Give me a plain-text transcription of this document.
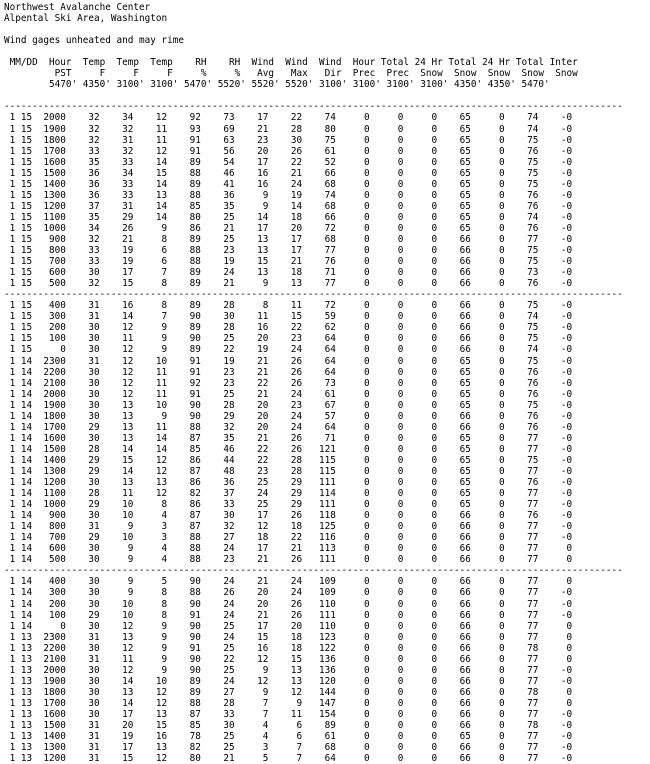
Northwest Avalanche Center
Alpental Ski Area, Washington

Wind gages unheated and may rime

MM/DD  Hour  Temp  Temp  Temp    RH    RH  Wind  Wind  Wind  Hour Total 24 Hr Total 24 Hr Total Inter
PST     F     F     F     %     %   Avg   Max   Dir  Prec  Prec  Snow  Snow  Snow  Snow  Snow
5470' 4350' 3100' 3100' 5470' 5520' 5520' 5520' 3100' 3100' 3100' 3100' 4350' 4350' 5470'

--------------------------------------------------------------------------------------------------------------
1 15  2000    32    34    12    92    73    17    22    74     0     0     0    65     0    74    -0
1 15  1900    32    32    11    93    69    21    28    80     0     0     0    65     0    74    -0
1 15  1800    32    31    11    91    63    23    30    75     0     0     0    65     0    75    -0
1 15  1700    33    32    12    91    56    20    26    61     0     0     0    65     0    76    -0
1 15  1600    35    33    14    89    54    17    22    52     0     0     0    65     0    75    -0
1 15  1500    36    34    15    88    46    16    21    66     0     0     0    65     0    75    -0
1 15  1400    36    33    14    89    41    16    24    68     0     0     0    65     0    75    -0
1 15  1300    36    33    13    88    36     9    19    74     0     0     0    65     0    76    -0
1 15  1200    37    31    14    85    35     9    14    68     0     0     0    65     0    76    -0
1 15  1100    35    29    14    80    25    14    18    66     0     0     0    65     0    74    -0
1 15  1000    34    26     9    86    21    17    20    72     0     0     0    65     0    76    -0
1 15   900    32    21     8    89    25    13    17    68     0     0     0    66     0    77    -0
1 15   800    33    19     6    88    23    13    17    77     0     0     0    66     0    75    -0
1 15   700    33    19     6    88    19    15    21    76     0     0     0    66     0    75    -0
1 15   600    30    17     7    89    24    13    18    71     0     0     0    66     0    73    -0
1 15   500    32    15     8    89    21     9    13    77     0     0     0    66     0    76    -0
--------------------------------------------------------------------------------------------------------------
1 15   400    31    16     8    89    28     8    11    72     0     0     0    66     0    75    -0
1 15   300    31    14     7    90    30    11    15    59     0     0     0    66     0    74    -0
1 15   200    30    12     9    89    28    16    22    62     0     0     0    66     0    75    -0
1 15   100    30    11     9    90    25    20    23    64     0     0     0    66     0    75    -0
1 15     0    30    12     9    89    22    19    24    64     0     0     0    66     0    74    -0
1 14  2300    31    12    10    91    19    21    26    64     0     0     0    65     0    75    -0
1 14  2200    30    12    11    91    23    21    26    64     0     0     0    65     0    76    -0
1 14  2100    30    12    11    92    23    22    26    73     0     0     0    65     0    76    -0
1 14  2000    30    12    11    91    25    21    24    61     0     0     0    65     0    76    -0
1 14  1900    30    13    10    90    28    20    23    67     0     0     0    65     0    75    -0
1 14  1800    30    13     9    90    29    20    24    57     0     0     0    66     0    76    -0
1 14  1700    29    13    11    88    32    20    24    64     0     0     0    66     0    76    -0
1 14  1600    30    13    14    87    35    21    26    71     0     0     0    65     0    77    -0
1 14  1500    28    14    14    85    46    22    26   121     0     0     0    65     0    77    -0
1 14  1400    29    15    12    86    44    22    28   115     0     0     0    65     0    75    -0
1 14  1300    29    14    12    87    48    23    28   115     0     0     0    65     0    77    -0
1 14  1200    30    13    13    86    36    25    29   111     0     0     0    65     0    76    -0
1 14  1100    28    11    12    82    37    24    29   114     0     0     0    65     0    77    -0
1 14  1000    29    10     8    86    33    25    29   111     0     0     0    65     0    77    -0
1 14   900    30    10     4    87    30    17    26   118     0     0     0    66     0    76    -0
1 14   800    31     9     3    87    32    12    18   125     0     0     0    66     0    77    -0
1 14   700    29    10     3    88    27    18    22   116     0     0     0    66     0    77    -0
1 14   600    30     9     4    88    24    17    21   113     0     0     0    66     0    77     0
1 14   500    30     9     4    88    23    21    26   111     0     0     0    66     0    77     0
--------------------------------------------------------------------------------------------------------------
1 14   400    30     9     5    90    24    21    24   109     0     0     0    66     0    77     0
1 14   300    30     9     8    88    26    20    24   109     0     0     0    66     0    77    -0
1 14   200    30    10     8    90    24    20    26   110     0     0     0    66     0    77    -0
1 14   100    29    10     8    91    24    21    26   111     0     0     0    66     0    77    -0
1 14     0    30    12     9    90    25    17    20   110     0     0     0    66     0    77     0
1 13  2300    31    13     9    90    24    15    18   123     0     0     0    66     0    77     0
1 13  2200    30    12     9    91    25    16    18   122     0     0     0    66     0    78     0
1 13  2100    31    11     9    90    22    12    15   136     0     0     0    66     0    77     0
1 13  2000    30    12     9    90    25     9    13   136     0     0     0    66     0    77    -0
1 13  1900    30    14    10    89    24    12    13   120     0     0     0    66     0    77    -0
1 13  1800    30    13    12    89    27     9    12   144     0     0     0    66     0    78     0
1 13  1700    30    14    12    88    28     7     9   147     0     0     0    66     0    77     0
1 13  1600    30    17    13    87    33     7    11   154     0     0     0    66     0    77    -0
1 13  1500    31    20    15    85    30     4     6    89     0     0     0    66     0    78    -0
1 13  1400    31    19    16    78    25     4     6    61     0     0     0    65     0    77    -0
1 13  1300    31    17    13    82    25     3     7    68     0     0     0    66     0    77    -0
1 13  1200    31    15    12    80    21     5     7    64     0     0     0    66     0    77    -0
